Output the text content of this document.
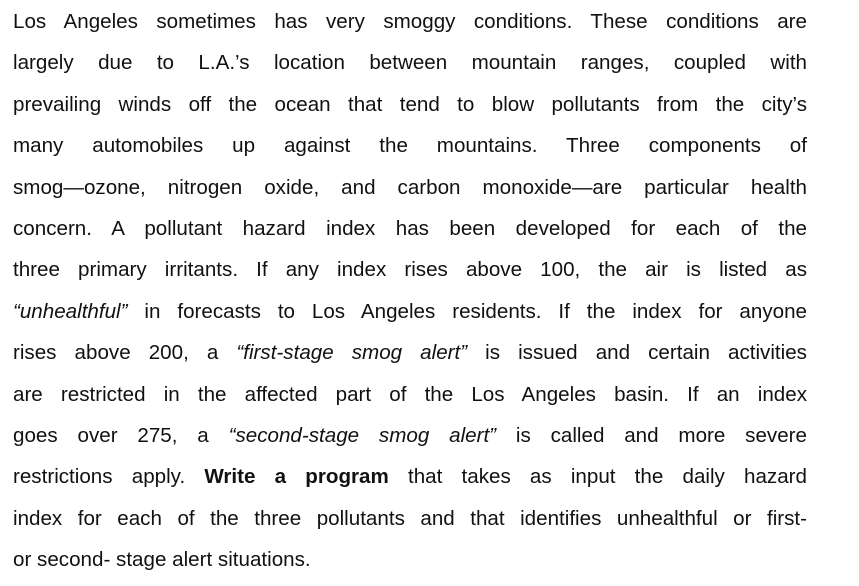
Los Angeles sometimes has very smoggy conditions. These conditions are
largely due to L.A.’s location between mountain ranges, coupled with
prevailing winds off the ocean that tend to blow pollutants from the city’s
many automobiles up against the mountains. Three components of
smog—ozone, nitrogen oxide, and carbon monoxide—are particular health
concern. A pollutant hazard index has been developed for each of the
three primary irritants. If any index rises above 100, the air is listed as
“unhealthful” in forecasts to Los Angeles residents. If the index for anyone
rises above 200, a “first-stage smog alert” is issued and certain activities
are restricted in the affected part of the Los Angeles basin. If an index
goes over 275, a “second-stage smog alert” is called and more severe
restrictions apply. Write a program that takes as input the daily hazard
index for each of the three pollutants and that identifies unhealthful or first-
or second- stage alert situations.
